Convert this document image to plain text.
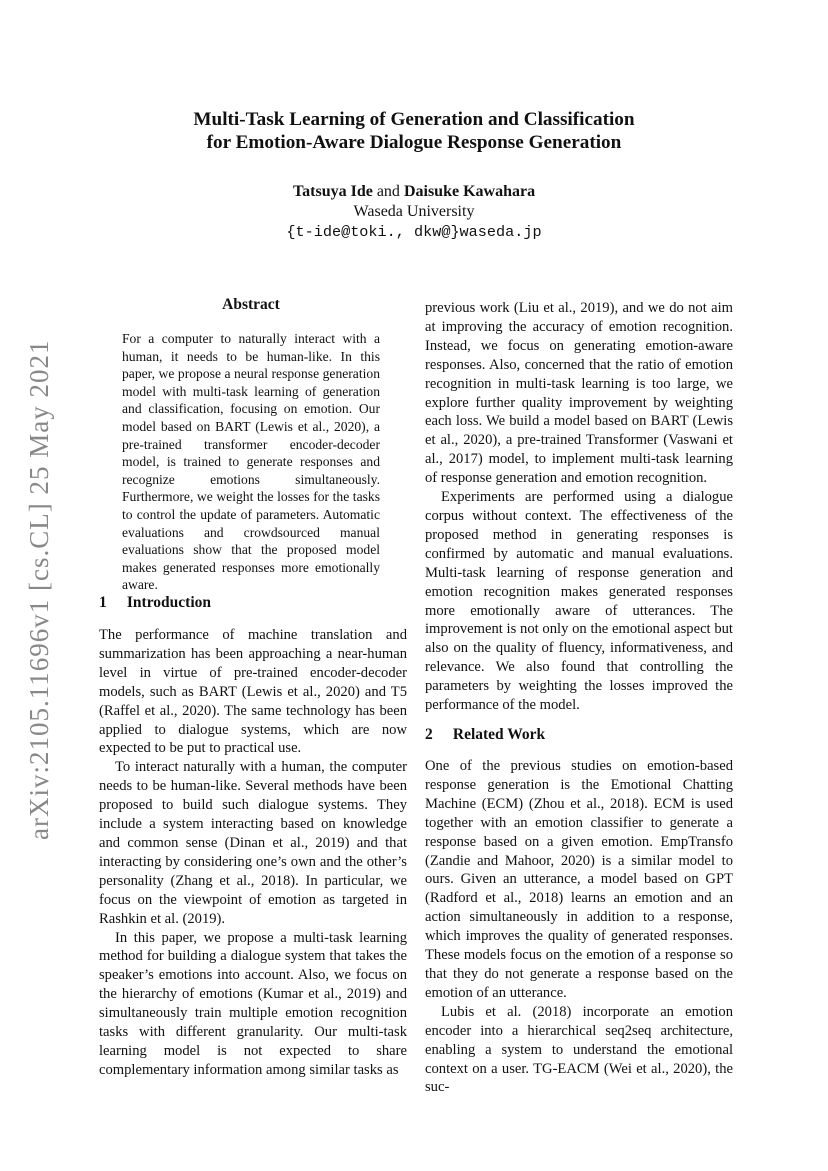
arXiv:2105.11696v1 [cs.CL] 25 May 2021
Multi-Task Learning of Generation and Classification
for Emotion-Aware Dialogue Response Generation
Tatsuya Ide and Daisuke Kawahara
Waseda University
{t-ide@toki., dkw@}waseda.jp
Abstract

For a computer to naturally interact with a human, it needs to be human-like. In this paper, we propose a neural response generation model with multi-task learning of generation and classification, focusing on emotion. Our model based on BART (Lewis et al., 2020), a pre-trained transformer encoder-decoder model, is trained to generate responses and recognize emotions simultaneously. Furthermore, we weight the losses for the tasks to control the update of parameters. Automatic evaluations and crowdsourced manual evaluations show that the proposed model makes generated responses more emotionally aware.

1 Introduction

The performance of machine translation and summarization has been approaching a near-human level in virtue of pre-trained encoder-decoder models, such as BART (Lewis et al., 2020) and T5 (Raffel et al., 2020). The same technology has been applied to dialogue systems, which are now expected to be put to practical use.

To interact naturally with a human, the computer needs to be human-like. Several methods have been proposed to build such dialogue systems. They include a system interacting based on knowledge and common sense (Dinan et al., 2019) and that interacting by considering one’s own and the other’s personality (Zhang et al., 2018). In particular, we focus on the viewpoint of emotion as targeted in Rashkin et al. (2019).

In this paper, we propose a multi-task learning method for building a dialogue system that takes the speaker’s emotions into account. Also, we focus on the hierarchy of emotions (Kumar et al., 2019) and simultaneously train multiple emotion recognition tasks with different granularity. Our multi-task learning model is not expected to share complementary information among similar tasks as

previous work (Liu et al., 2019), and we do not aim at improving the accuracy of emotion recognition. Instead, we focus on generating emotion-aware responses. Also, concerned that the ratio of emotion recognition in multi-task learning is too large, we explore further quality improvement by weighting each loss. We build a model based on BART (Lewis et al., 2020), a pre-trained Transformer (Vaswani et al., 2017) model, to implement multi-task learning of response generation and emotion recognition.

Experiments are performed using a dialogue corpus without context. The effectiveness of the proposed method in generating responses is confirmed by automatic and manual evaluations. Multi-task learning of response generation and emotion recognition makes generated responses more emotionally aware of utterances. The improvement is not only on the emotional aspect but also on the quality of fluency, informativeness, and relevance. We also found that controlling the parameters by weighting the losses improved the performance of the model.

2 Related Work

One of the previous studies on emotion-based response generation is the Emotional Chatting Machine (ECM) (Zhou et al., 2018). ECM is used together with an emotion classifier to generate a response based on a given emotion. EmpTransfo (Zandie and Mahoor, 2020) is a similar model to ours. Given an utterance, a model based on GPT (Radford et al., 2018) learns an emotion and an action simultaneously in addition to a response, which improves the quality of generated responses. These models focus on the emotion of a response so that they do not generate a response based on the emotion of an utterance.

Lubis et al. (2018) incorporate an emotion encoder into a hierarchical seq2seq architecture, enabling a system to understand the emotional context on a user. TG-EACM (Wei et al., 2020), the suc-
